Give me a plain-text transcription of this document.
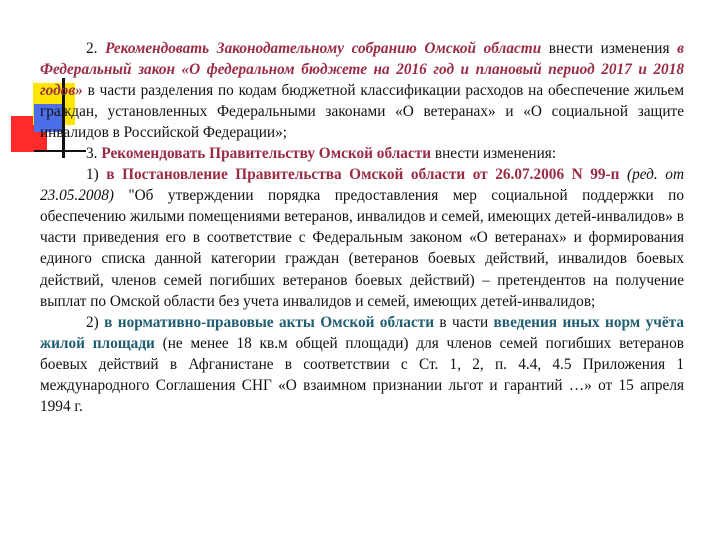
2. Рекомендовать Законодательному собранию Омской области внести изменения в Федеральный закон «О федеральном бюджете на 2016 год и плановый период 2017 и 2018 годов» в части разделения по кодам бюджетной классификации расходов на обеспечение жильем граждан, установленных Федеральными законами «О ветеранах» и «О социальной защите инвалидов в Российской Федерации»;

3. Рекомендовать Правительству Омской области внести изменения:

1) в Постановление Правительства Омской области от 26.07.2006 N 99-п (ред. от 23.05.2008) "Об утверждении порядка предоставления мер социальной поддержки по обеспечению жилыми помещениями ветеранов, инвалидов и семей, имеющих детей-инвалидов» в части приведения его в соответствие с Федеральным законом «О ветеранах» и формирования единого списка данной категории граждан (ветеранов боевых действий, инвалидов боевых действий, членов семей погибших ветеранов боевых действий) – претендентов на получение выплат по Омской области без учета инвалидов и семей, имеющих детей-инвалидов;

2) в нормативно-правовые акты Омской области в части введения иных норм учёта жилой площади (не менее 18 кв.м общей площади) для членов семей погибших ветеранов боевых действий в Афганистане в соответствии с Ст. 1, 2, п. 4.4, 4.5 Приложения 1 международного Соглашения СНГ «О взаимном признании льгот и гарантий …» от 15 апреля 1994 г.
